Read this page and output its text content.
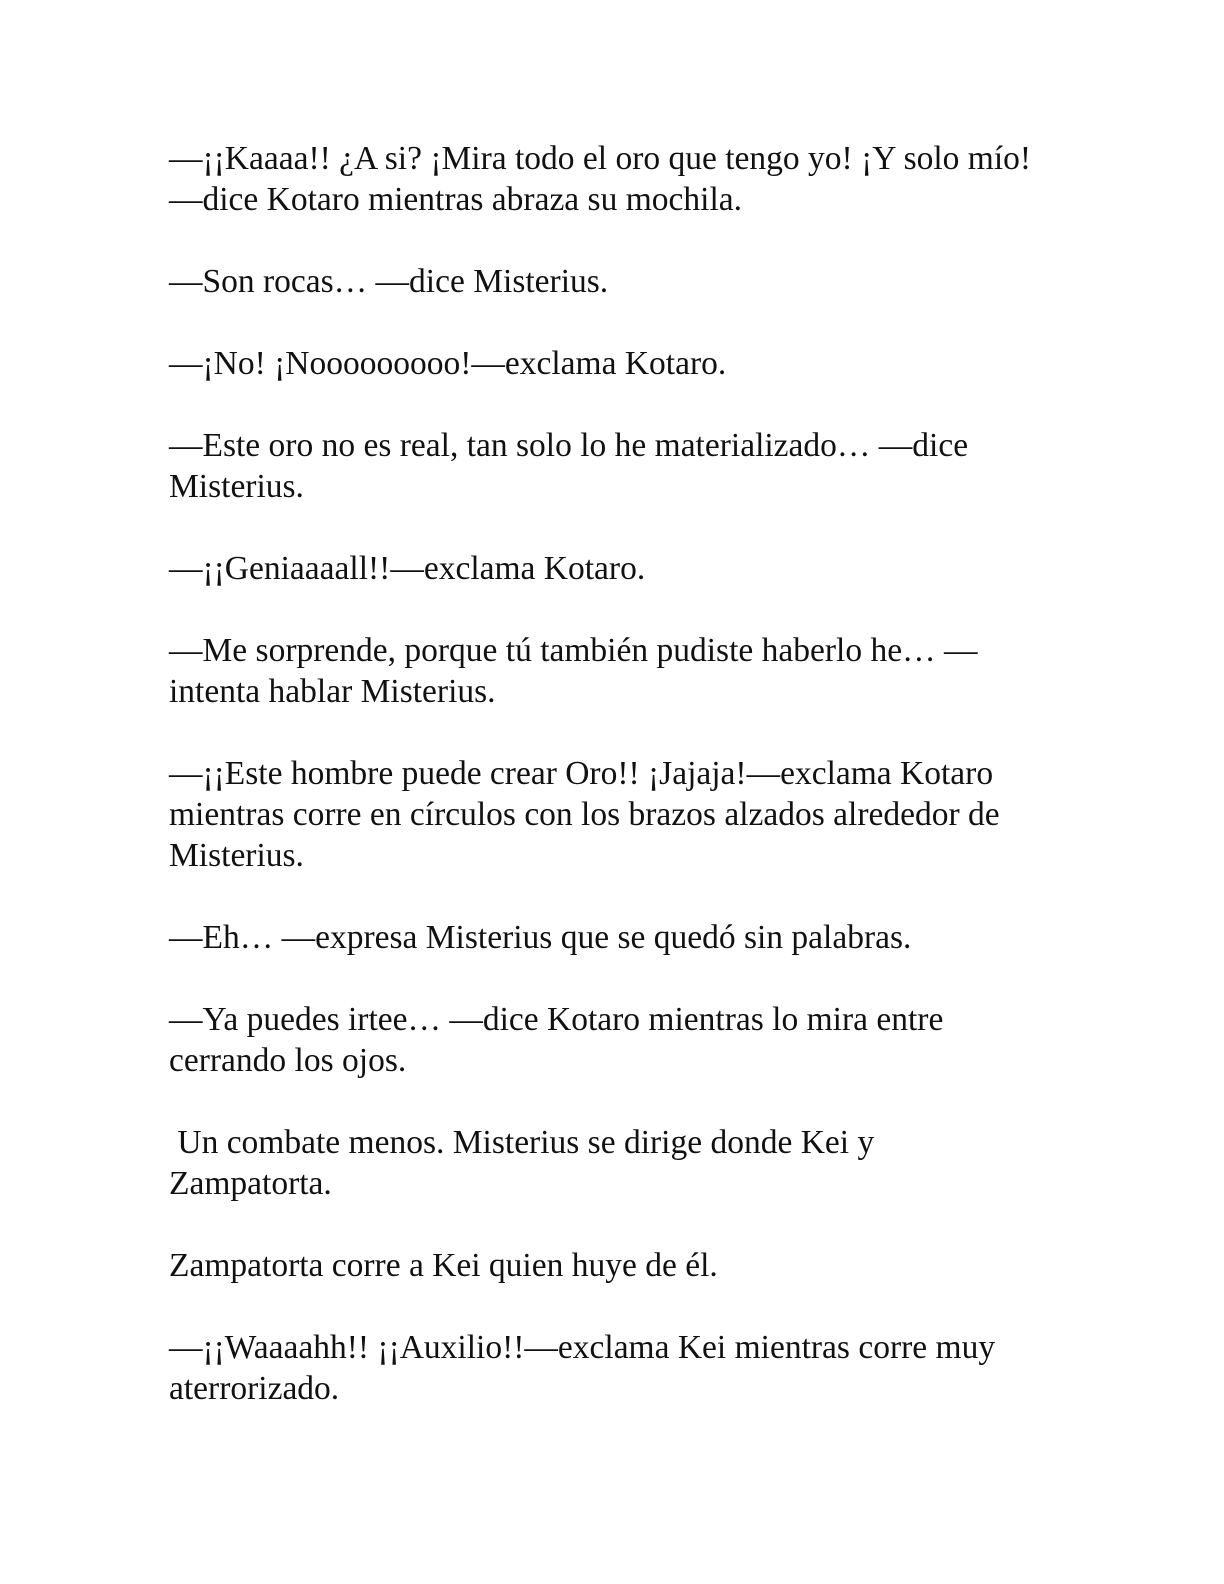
—¡¡Kaaaa!! ¿A si? ¡Mira todo el oro que tengo yo! ¡Y solo mío!—dice Kotaro mientras abraza su mochila.

—Son rocas… —dice Misterius.

—¡No! ¡Nooooooooo!—exclama Kotaro.

—Este oro no es real, tan solo lo he materializado… —dice Misterius.

—¡¡Geniaaaall!!—exclama Kotaro.

—Me sorprende, porque tú también pudiste haberlo he… —intenta hablar Misterius.

—¡¡Este hombre puede crear Oro!! ¡Jajaja!—exclama Kotaro mientras corre en círculos con los brazos alzados alrededor de Misterius.

—Eh… —expresa Misterius que se quedó sin palabras.

—Ya puedes irtee… —dice Kotaro mientras lo mira entre cerrando los ojos.

Un combate menos. Misterius se dirige donde Kei y Zampatorta.

Zampatorta corre a Kei quien huye de él.

—¡¡Waaaahh!! ¡¡Auxilio!!—exclama Kei mientras corre muy aterrorizado.
